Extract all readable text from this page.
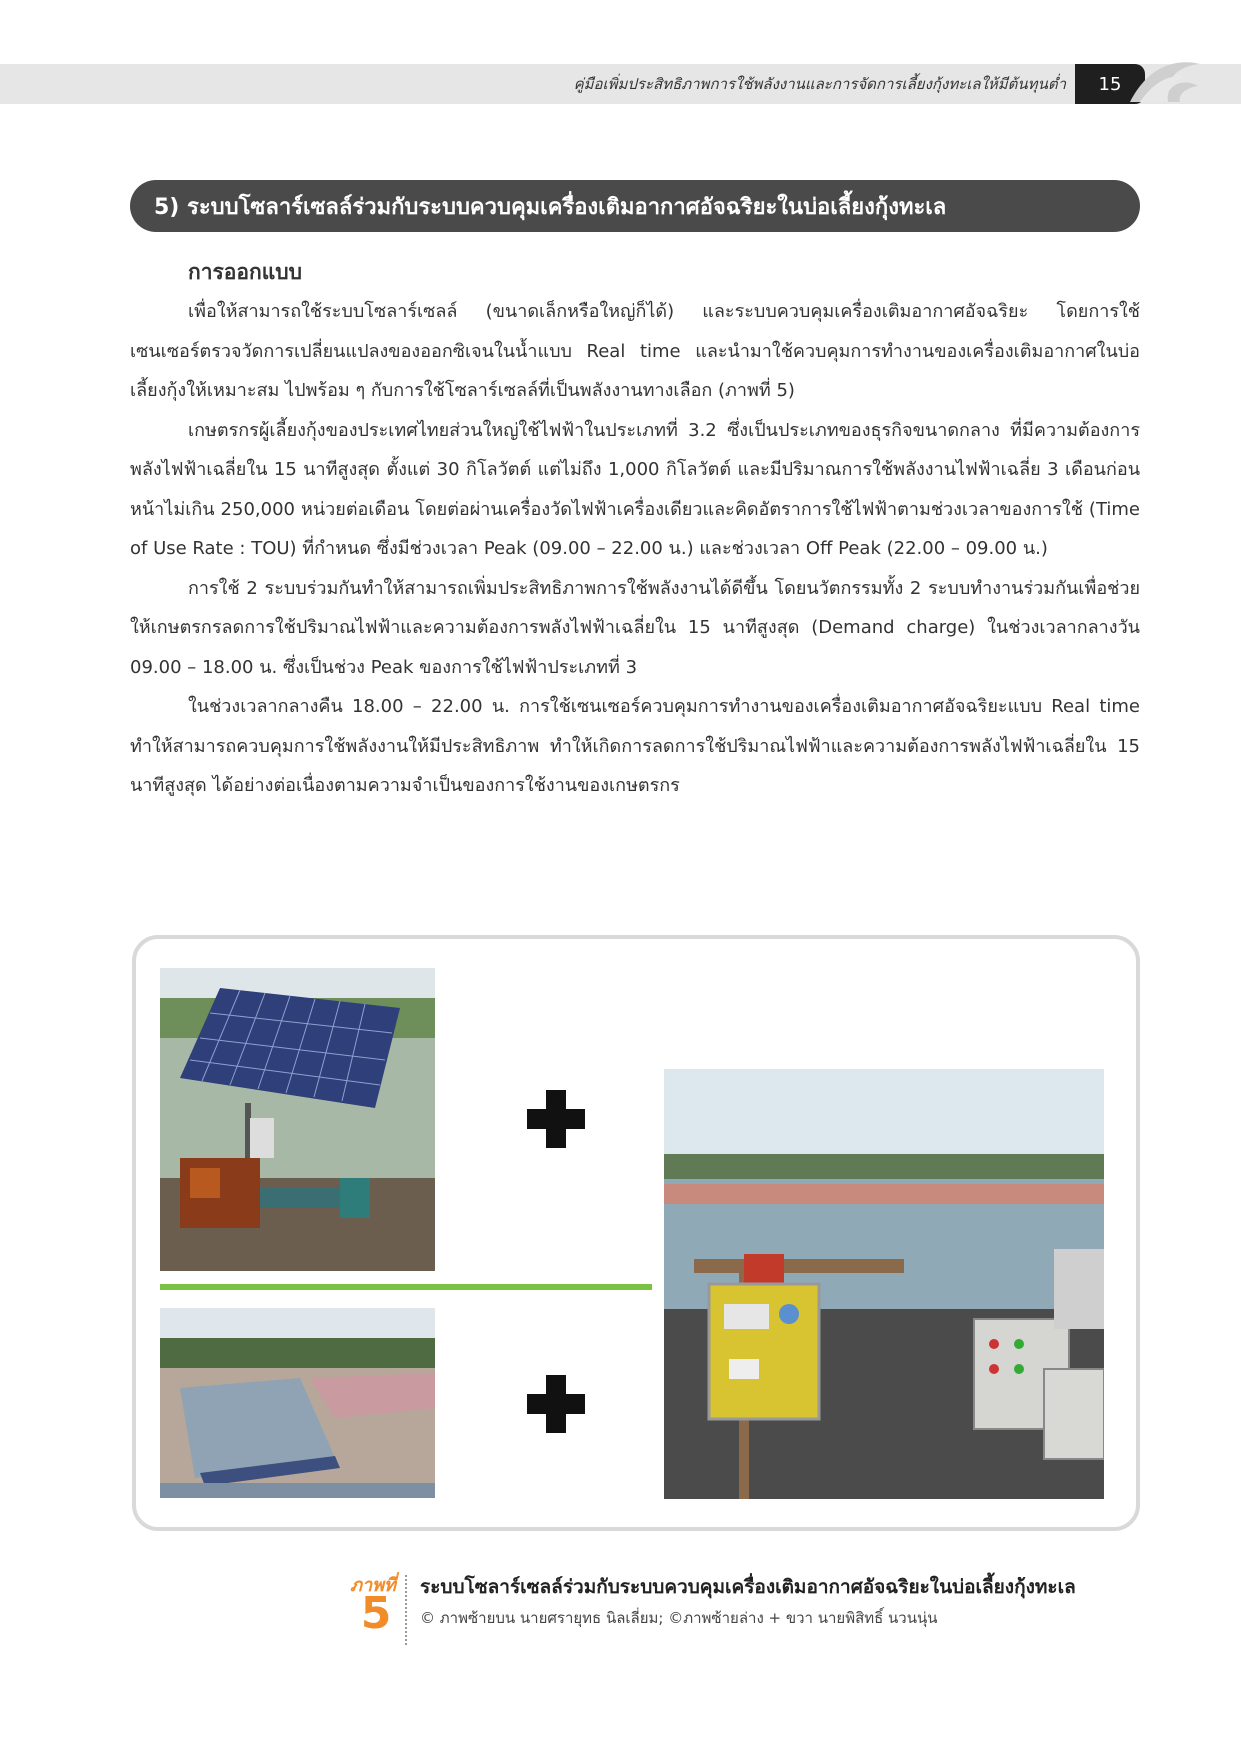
คู่มือเพิ่มประสิทธิภาพการใช้พลังงานและการจัดการเลี้ยงกุ้งทะเลให้มีต้นทุนต่ำ	15
5) ระบบโซลาร์เซลล์ร่วมกับระบบควบคุมเครื่องเติมอากาศอัจฉริยะในบ่อเลี้ยงกุ้งทะเล
การออกแบบ

เพื่อให้สามารถใช้ระบบโซลาร์เซลล์ (ขนาดเล็กหรือใหญ่ก็ได้) และระบบควบคุมเครื่องเติมอากาศอัจฉริยะ โดยการใช้เซนเซอร์ตรวจวัดการเปลี่ยนแปลงของออกซิเจนในน้ำแบบ Real time และนำมาใช้ควบคุมการทำงานของเครื่องเติมอากาศในบ่อเลี้ยงกุ้งให้เหมาะสม ไปพร้อม ๆ กับการใช้โซลาร์เซลล์ที่เป็นพลังงานทางเลือก (ภาพที่ 5)

เกษตรกรผู้เลี้ยงกุ้งของประเทศไทยส่วนใหญ่ใช้ไฟฟ้าในประเภทที่ 3.2 ซึ่งเป็นประเภทของธุรกิจขนาดกลาง ที่มีความต้องการพลังไฟฟ้าเฉลี่ยใน 15 นาทีสูงสุด ตั้งแต่ 30 กิโลวัตต์ แต่ไม่ถึง 1,000 กิโลวัตต์ และมีปริมาณการใช้พลังงานไฟฟ้าเฉลี่ย 3 เดือนก่อนหน้าไม่เกิน 250,000 หน่วยต่อเดือน โดยต่อผ่านเครื่องวัดไฟฟ้าเครื่องเดียวและคิดอัตราการใช้ไฟฟ้าตามช่วงเวลาของการใช้ (Time of Use Rate : TOU) ที่กำหนด ซึ่งมีช่วงเวลา Peak (09.00 – 22.00 น.) และช่วงเวลา Off Peak (22.00 – 09.00 น.)

การใช้ 2 ระบบร่วมกันทำให้สามารถเพิ่มประสิทธิภาพการใช้พลังงานได้ดีขึ้น โดยนวัตกรรมทั้ง 2 ระบบทำงานร่วมกันเพื่อช่วยให้เกษตรกรลดการใช้ปริมาณไฟฟ้าและความต้องการพลังไฟฟ้าเฉลี่ยใน 15 นาทีสูงสุด (Demand charge) ในช่วงเวลากลางวัน 09.00 – 18.00 น. ซึ่งเป็นช่วง Peak ของการใช้ไฟฟ้าประเภทที่ 3

ในช่วงเวลากลางคืน 18.00 – 22.00 น. การใช้เซนเซอร์ควบคุมการทำงานของเครื่องเติมอากาศอัจฉริยะแบบ Real time ทำให้สามารถควบคุมการใช้พลังงานให้มีประสิทธิภาพ ทำให้เกิดการลดการใช้ปริมาณไฟฟ้าและความต้องการพลังไฟฟ้าเฉลี่ยใน 15 นาทีสูงสุด ได้อย่างต่อเนื่องตามความจำเป็นของการใช้งานของเกษตรกร

ภาพที่
5
ระบบโซลาร์เซลล์ร่วมกับระบบควบคุมเครื่องเติมอากาศอัจฉริยะในบ่อเลี้ยงกุ้งทะเล
© ภาพซ้ายบน นายศรายุทธ นิลเลี่ยม; ©ภาพซ้ายล่าง + ขวา นายพิสิทธิ์ นวนนุ่น
